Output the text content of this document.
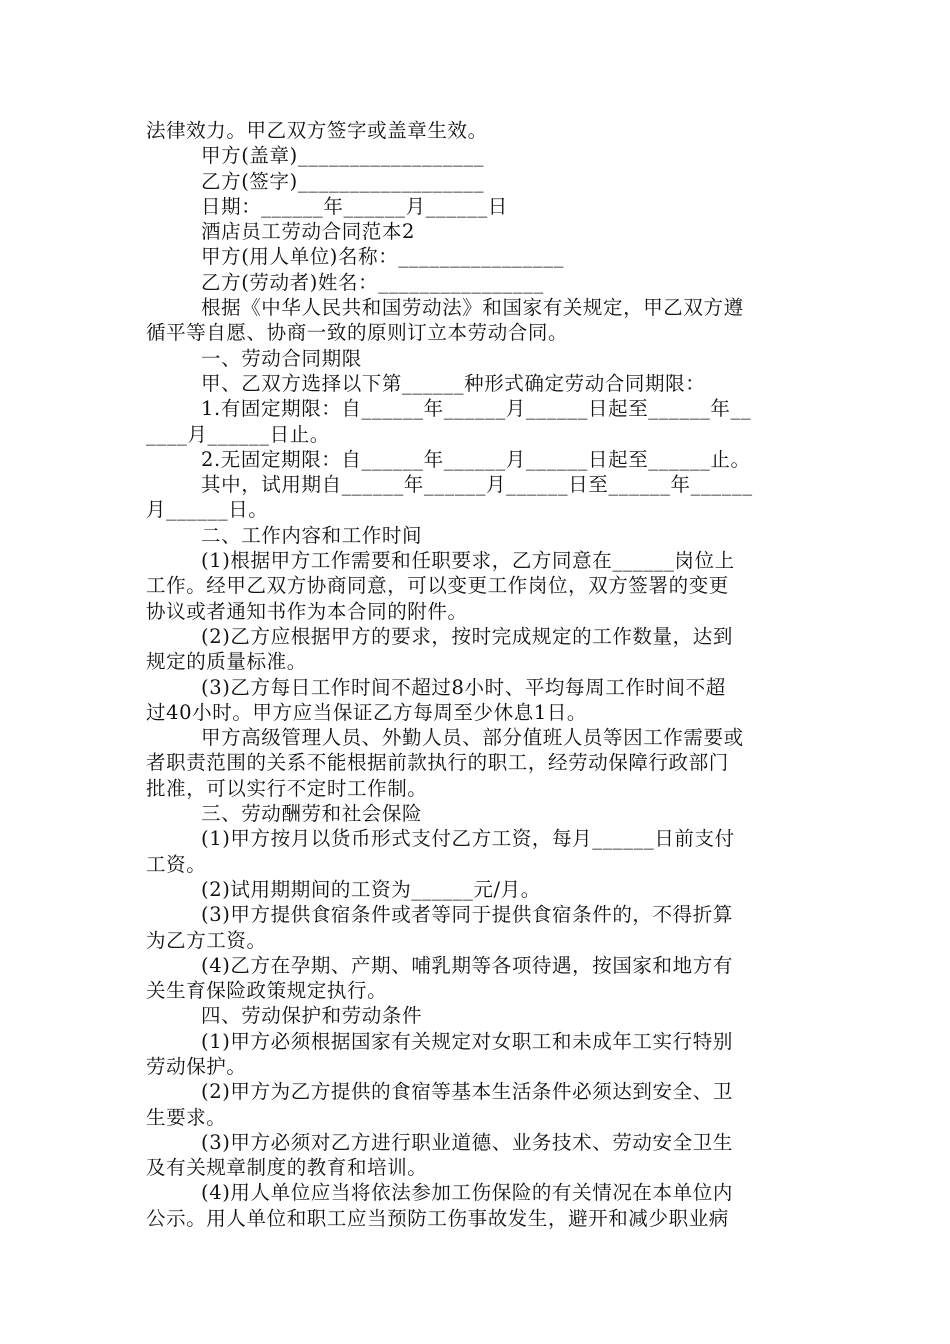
法律效力。甲乙双方签字或盖章生效。
甲方(盖章)__________________
乙方(签字)__________________
日期：______年______月______日
酒店员工劳动合同范本2
甲方(用人单位)名称：________________
乙方(劳动者)姓名：________________
根据《中华人民共和国劳动法》和国家有关规定，甲乙双方遵
循平等自愿、协商一致的原则订立本劳动合同。
一、劳动合同期限
甲、乙双方选择以下第______种形式确定劳动合同期限：
1.有固定期限：自______年______月______日起至______年__
____月______日止。
2.无固定期限：自______年______月______日起至______止。
其中，试用期自______年______月______日至______年______
月______日。
二、工作内容和工作时间
(1)根据甲方工作需要和任职要求，乙方同意在______岗位上
工作。经甲乙双方协商同意，可以变更工作岗位，双方签署的变更
协议或者通知书作为本合同的附件。
(2)乙方应根据甲方的要求，按时完成规定的工作数量，达到
规定的质量标准。
(3)乙方每日工作时间不超过8小时、平均每周工作时间不超
过40小时。甲方应当保证乙方每周至少休息1日。
甲方高级管理人员、外勤人员、部分值班人员等因工作需要或
者职责范围的关系不能根据前款执行的职工，经劳动保障行政部门
批准，可以实行不定时工作制。
三、劳动酬劳和社会保险
(1)甲方按月以货币形式支付乙方工资，每月______日前支付
工资。
(2)试用期期间的工资为______元/月。
(3)甲方提供食宿条件或者等同于提供食宿条件的，不得折算
为乙方工资。
(4)乙方在孕期、产期、哺乳期等各项待遇，按国家和地方有
关生育保险政策规定执行。
四、劳动保护和劳动条件
(1)甲方必须根据国家有关规定对女职工和未成年工实行特别
劳动保护。
(2)甲方为乙方提供的食宿等基本生活条件必须达到安全、卫
生要求。
(3)甲方必须对乙方进行职业道德、业务技术、劳动安全卫生
及有关规章制度的教育和培训。
(4)用人单位应当将依法参加工伤保险的有关情况在本单位内
公示。用人单位和职工应当预防工伤事故发生，避开和减少职业病
